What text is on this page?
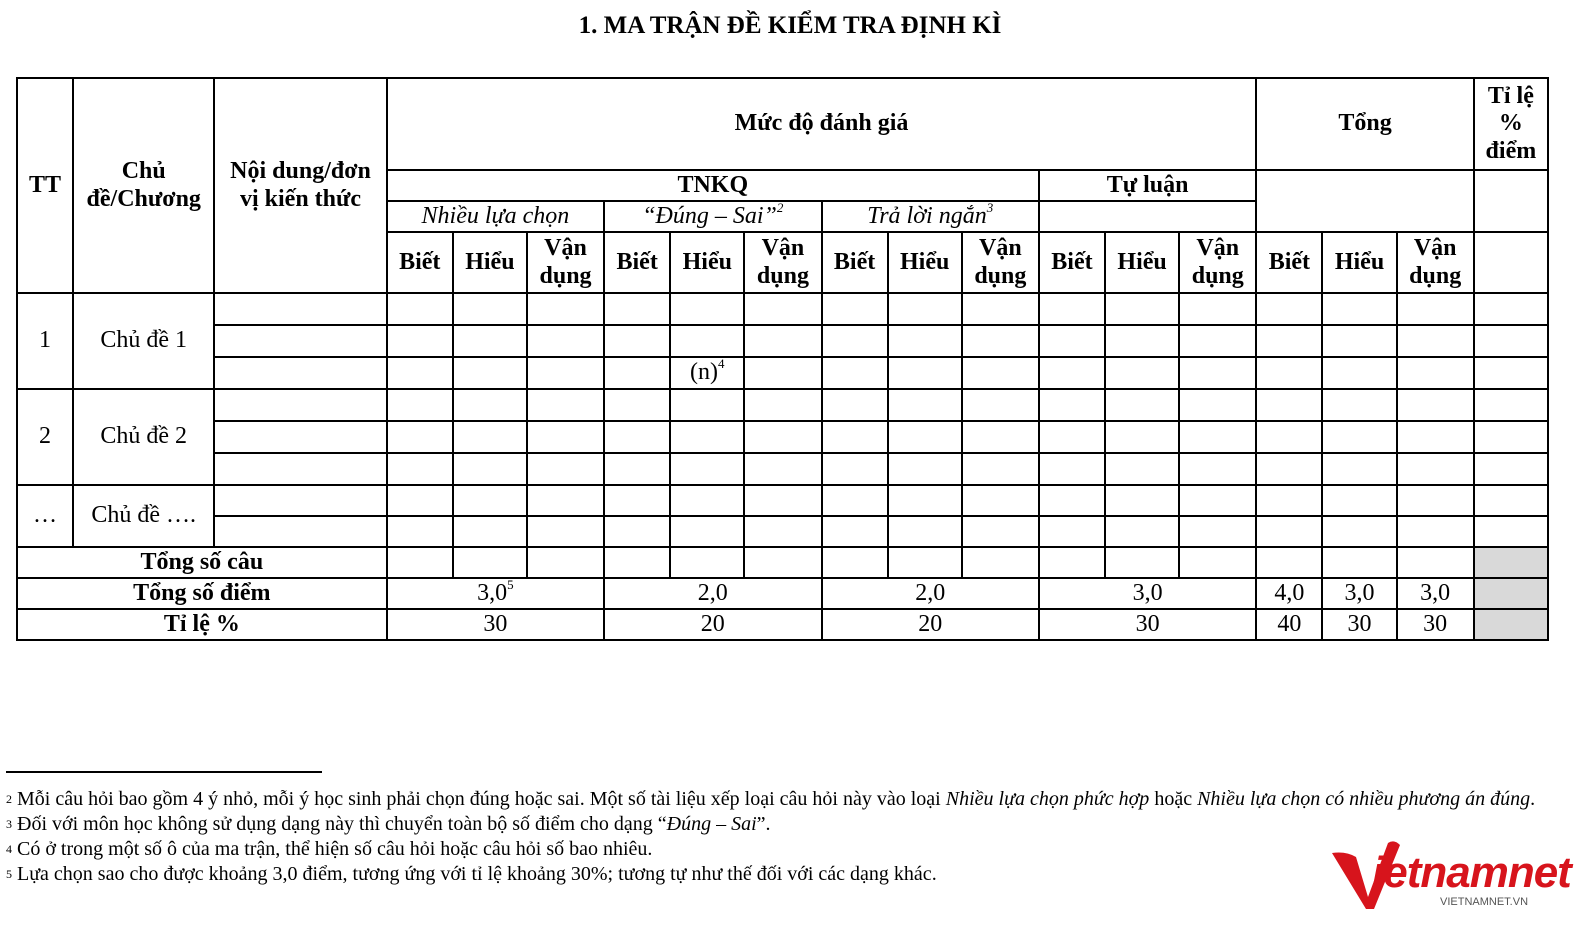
1. MA TRẬN ĐỀ KIỂM TRA ĐỊNH KÌ
TT	Chủ đề/Chương	Nội dung/đơn vị kiến thức	Mức độ đánh giá												Tổng			Tỉ lệ % điểm
			TNKQ									Tự luận						
			Nhiều lựa chọn			“Đúng – Sai”$^2$			Trả lời ngắn$^3$	
			Biết	Hiểu	Vận dụng	Biết	Hiểu	Vận dụng	Biết	Hiểu	Vận dụng	Biết	Hiểu	Vận dụng	Biết	Hiểu	Vận dụng	
1	Chủ đề 1																	

							$(n)^4$											
2	Chủ đề 2																	

…	Chủ đề ….																	

Tổng số câu																		
Tổng số điểm			$3,0^5$			2,0			2,0			3,0			4,0	3,0	3,0	
Tỉ lệ %			30			20			20			30			40	30	30	

$^2$ Mỗi câu hỏi bao gồm 4 ý nhỏ, mỗi ý học sinh phải chọn đúng hoặc sai. Một số tài liệu xếp loại câu hỏi này vào loại Nhiều lựa chọn phức hợp hoặc Nhiều lựa chọn có nhiều phương án đúng.

$^3$ Đối với môn học không sử dụng dạng này thì chuyển toàn bộ số điểm cho dạng “Đúng – Sai”.

$^4$ Có ở trong một số ô của ma trận, thể hiện số câu hỏi hoặc câu hỏi số bao nhiêu.

$^5$ Lựa chọn sao cho được khoảng 3,0 điểm, tương ứng với tỉ lệ khoảng 30%; tương tự như thế đối với các dạng khác.	ietnamnet
VIETNAMNET.VN
